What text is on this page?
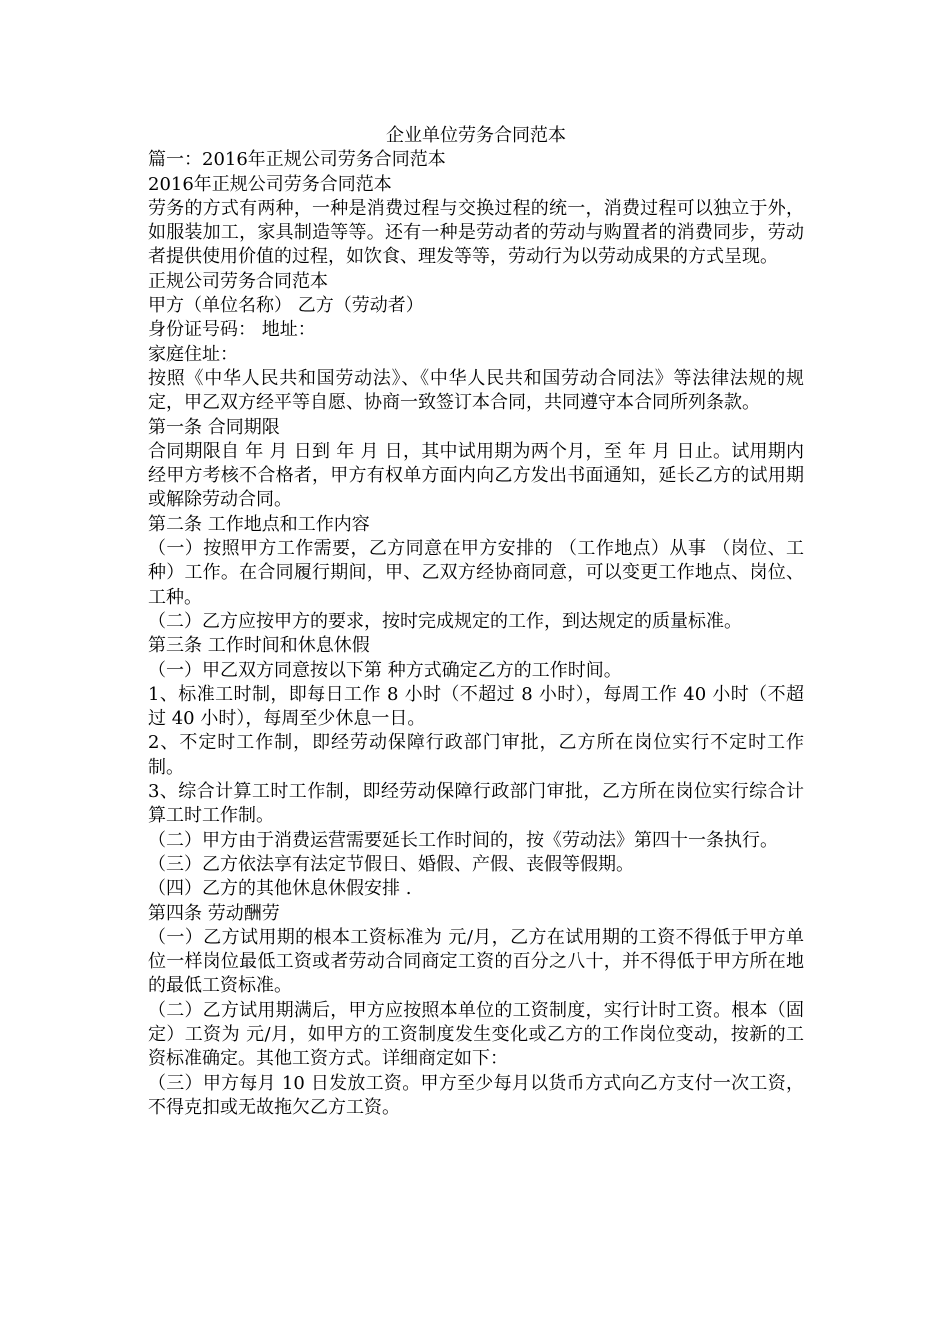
企业单位劳务合同范本

篇一：2016年正规公司劳务合同范本

2016年正规公司劳务合同范本

劳务的方式有两种，一种是消费过程与交换过程的统一，消费过程可以独立于外，如服装加工，家具制造等等。还有一种是劳动者的劳动与购置者的消费同步，劳动者提供使用价值的过程，如饮食、理发等等，劳动行为以劳动成果的方式呈现。

正规公司劳务合同范本

甲方（单位名称） 乙方（劳动者）

身份证号码： 地址：

家庭住址：

按照《中华人民共和国劳动法》、《中华人民共和国劳动合同法》等法律法规的规定，甲乙双方经平等自愿、协商一致签订本合同，共同遵守本合同所列条款。

第一条 合同期限

合同期限自 年 月 日到 年 月 日，其中试用期为两个月，至 年 月 日止。试用期内经甲方考核不合格者，甲方有权单方面内向乙方发出书面通知，延长乙方的试用期或解除劳动合同。

第二条 工作地点和工作内容

（一）按照甲方工作需要，乙方同意在甲方安排的 （工作地点）从事 （岗位、工种）工作。在合同履行期间，甲、乙双方经协商同意，可以变更工作地点、岗位、工种。

（二）乙方应按甲方的要求，按时完成规定的工作，到达规定的质量标准。

第三条 工作时间和休息休假

（一）甲乙双方同意按以下第 种方式确定乙方的工作时间。

1、标准工时制，即每日工作 8 小时（不超过 8 小时），每周工作 40 小时（不超过 40 小时），每周至少休息一日。

2、不定时工作制，即经劳动保障行政部门审批，乙方所在岗位实行不定时工作制。

3、综合计算工时工作制，即经劳动保障行政部门审批，乙方所在岗位实行综合计算工时工作制。

（二）甲方由于消费运营需要延长工作时间的，按《劳动法》第四十一条执行。

（三）乙方依法享有法定节假日、婚假、产假、丧假等假期。

（四）乙方的其他休息休假安排 .

第四条 劳动酬劳

（一）乙方试用期的根本工资标准为 元/月，乙方在试用期的工资不得低于甲方单位一样岗位最低工资或者劳动合同商定工资的百分之八十，并不得低于甲方所在地的最低工资标准。

（二）乙方试用期满后，甲方应按照本单位的工资制度，实行计时工资。根本（固定）工资为 元/月，如甲方的工资制度发生变化或乙方的工作岗位变动，按新的工资标准确定。其他工资方式。详细商定如下：

（三）甲方每月 10 日发放工资。甲方至少每月以货币方式向乙方支付一次工资，不得克扣或无故拖欠乙方工资。
